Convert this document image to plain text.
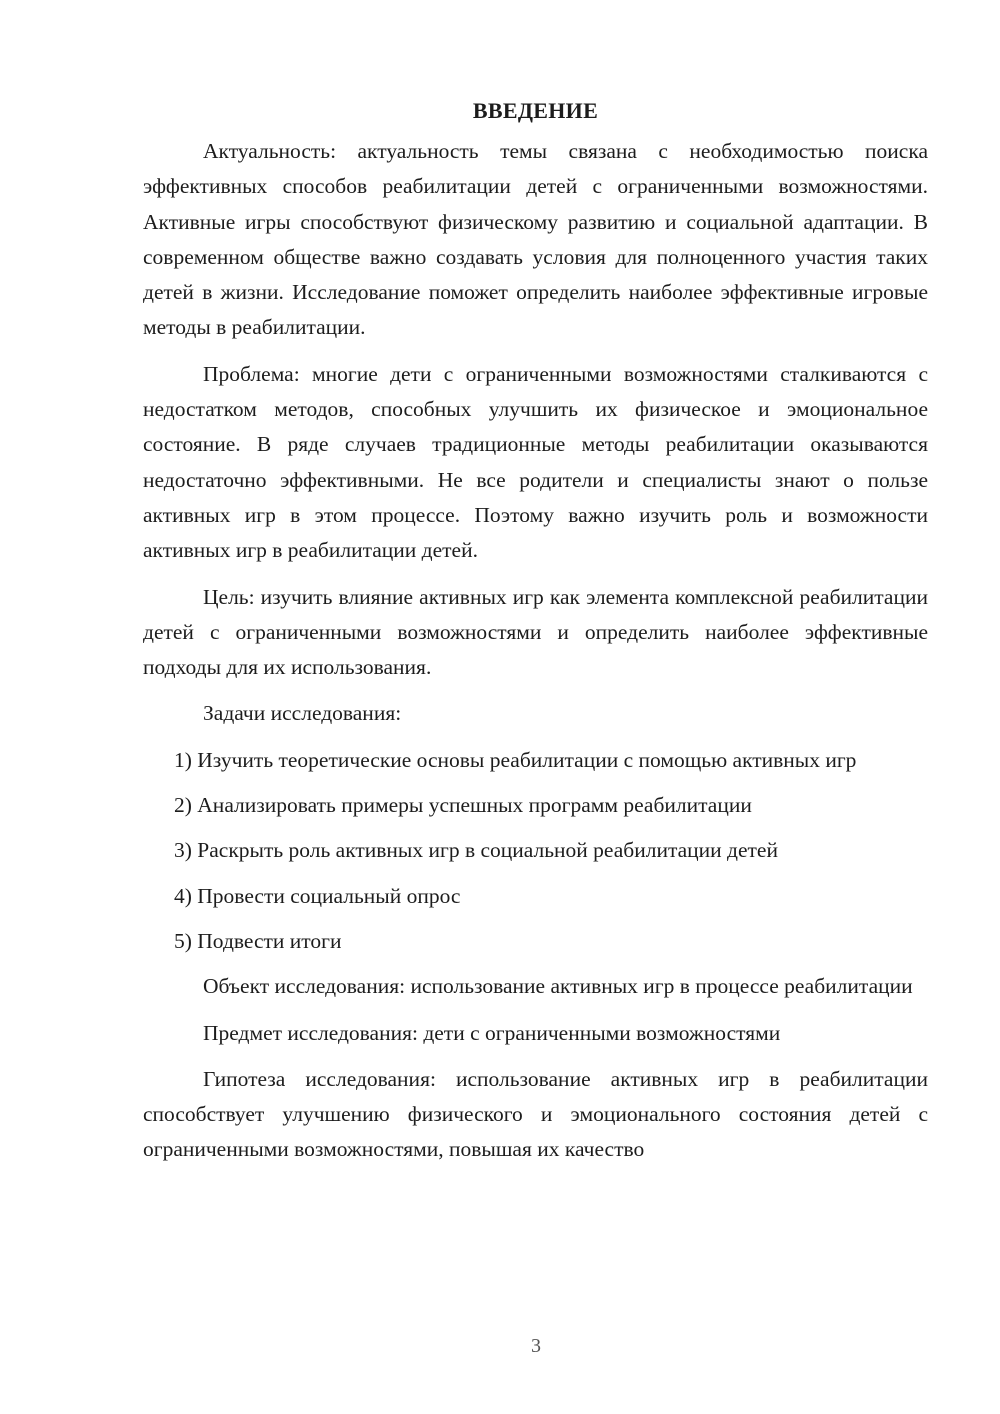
ВВЕДЕНИЕ

Актуальность: актуальность темы связана с необходимостью поиска эффективных способов реабилитации детей с ограниченными возможностями. Активные игры способствуют физическому развитию и социальной адаптации. В современном обществе важно создавать условия для полноценного участия таких детей в жизни. Исследование поможет определить наиболее эффективные игровые методы в реабилитации.

Проблема: многие дети с ограниченными возможностями сталкиваются с недостатком методов, способных улучшить их физическое и эмоциональное состояние. В ряде случаев традиционные методы реабилитации оказываются недостаточно эффективными. Не все родители и специалисты знают о пользе активных игр в этом процессе. Поэтому важно изучить роль и возможности активных игр в реабилитации детей.

Цель: изучить влияние активных игр как элемента комплексной реабилитации детей с ограниченными возможностями и определить наиболее эффективные подходы для их использования.

Задачи исследования:

1) Изучить теоретические основы реабилитации с помощью активных игр

2) Анализировать примеры успешных программ реабилитации

3) Раскрыть роль активных игр в социальной реабилитации детей

4) Провести социальный опрос

5) Подвести итоги

Объект исследования: использование активных игр в процессе реабилитации

Предмет исследования: дети с ограниченными возможностями

Гипотеза исследования: использование активных игр в реабилитации способствует улучшению физического и эмоционального состояния детей с ограниченными возможностями, повышая их качество

3
